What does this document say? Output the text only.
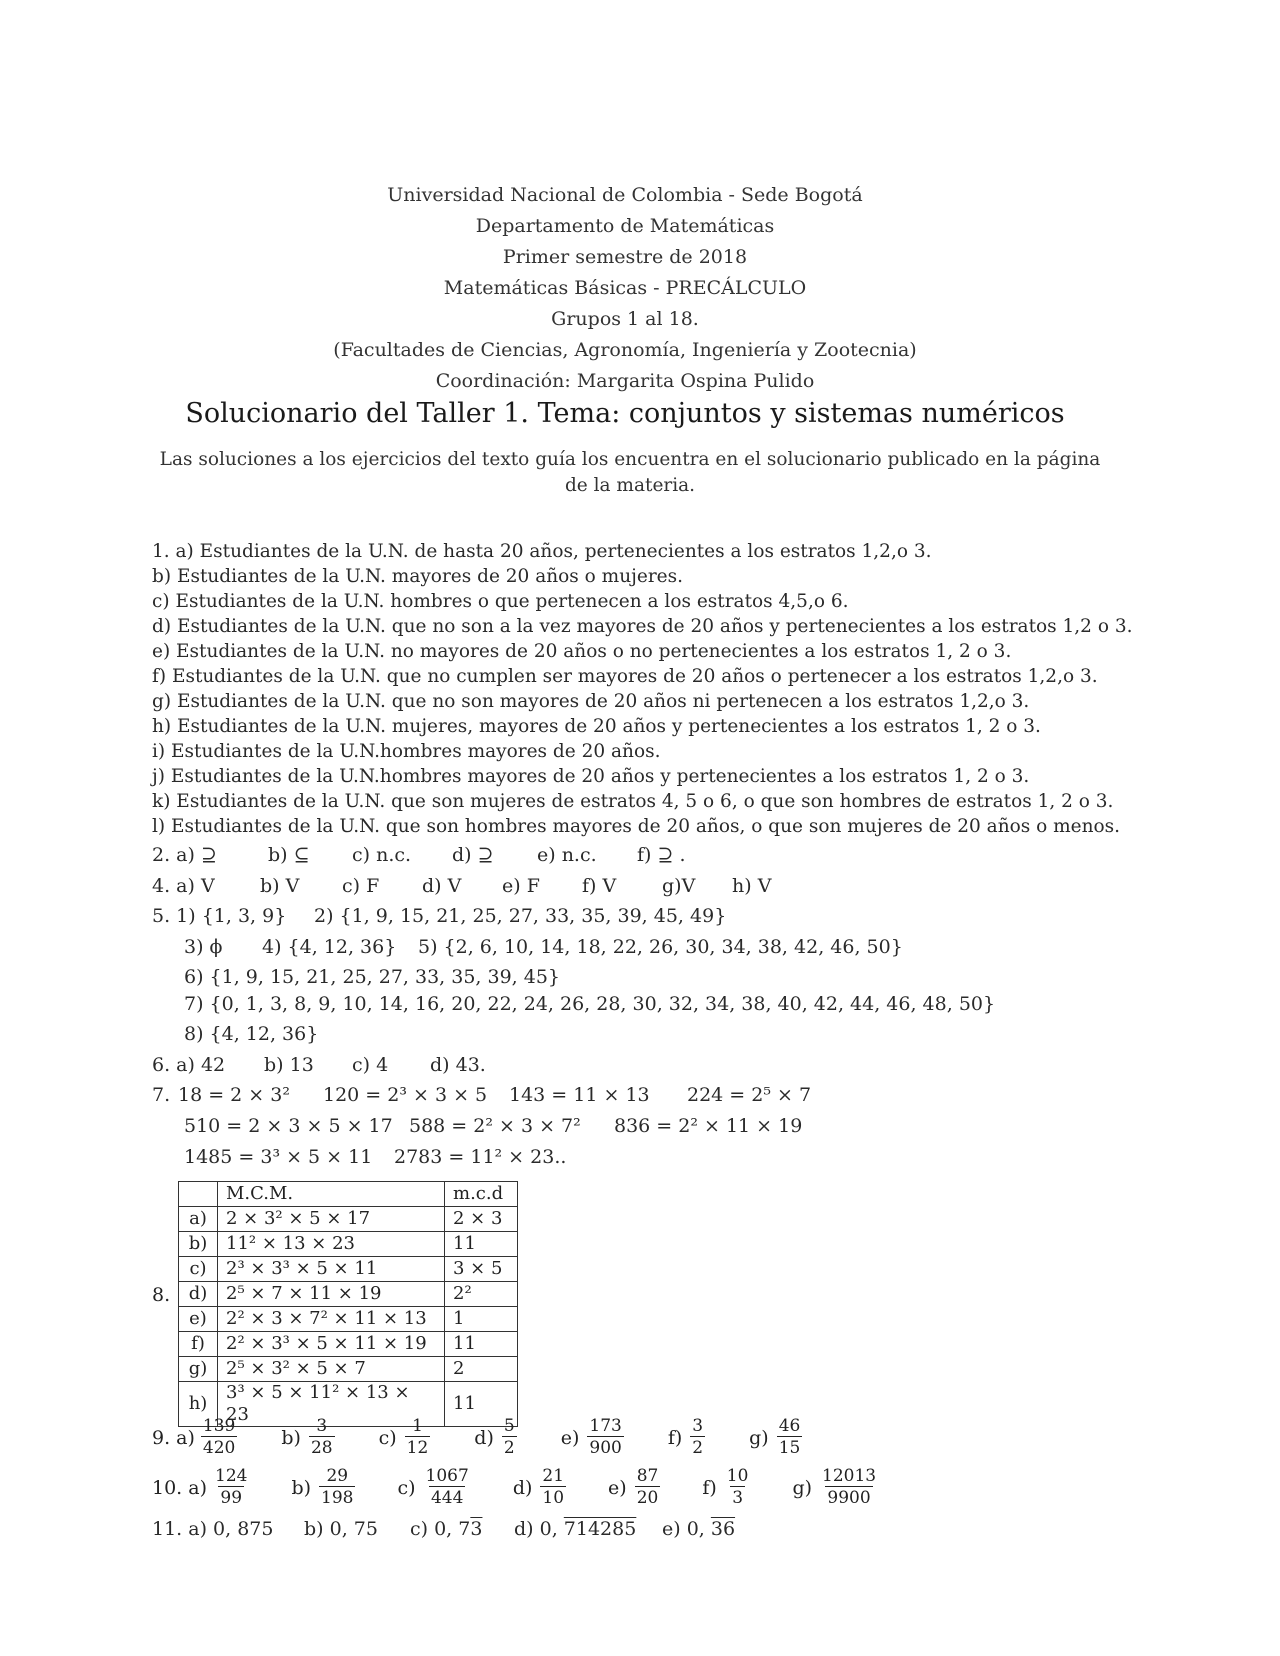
Universidad Nacional de Colombia - Sede Bogotá
Departamento de Matemáticas
Primer semestre de 2018
Matemáticas Básicas - PRECÁLCULO
Grupos 1 al 18.
(Facultades de Ciencias, Agronomía, Ingeniería y Zootecnia)
Coordinación: Margarita Ospina Pulido
Solucionario del Taller 1. Tema: conjuntos y sistemas numéricos
Las soluciones a los ejercicios del texto guía los encuentra en el solucionario publicado en la página de la materia.
1. a) Estudiantes de la U.N. de hasta 20 años, pertenecientes a los estratos 1,2,o 3.
b) Estudiantes de la U.N. mayores de 20 años o mujeres.
c) Estudiantes de la U.N. hombres o que pertenecen a los estratos 4,5,o 6.
d) Estudiantes de la U.N. que no son a la vez mayores de 20 años y pertenecientes a los estratos 1,2 o 3.
e) Estudiantes de la U.N. no mayores de 20 años o no pertenecientes a los estratos 1, 2 o 3.
f) Estudiantes de la U.N. que no cumplen ser mayores de 20 años o pertenecer a los estratos 1,2,o 3.
g) Estudiantes de la U.N. que no son mayores de 20 años ni pertenecen a los estratos 1,2,o 3.
h) Estudiantes de la U.N. mujeres, mayores de 20 años y pertenecientes a los estratos 1, 2 o 3.
i) Estudiantes de la U.N.hombres mayores de 20 años.
j) Estudiantes de la U.N.hombres mayores de 20 años y pertenecientes a los estratos 1, 2 o 3.
k) Estudiantes de la U.N. que son mujeres de estratos 4, 5 o 6, o que son hombres de estratos 1, 2 o 3.
l) Estudiantes de la U.N. que son hombres mayores de 20 años, o que son mujeres de 20 años o menos.
2. a) ⊇	b) ⊆ c) n.c. d) ⊇ e) n.c. f) ⊇ .
4. a) V b) V c) F d) V e) F f) V g)V h) V
5. 1) {1, 3, 9} 2) {1, 9, 15, 21, 25, 27, 33, 35, 39, 45, 49}
3) ϕ 4) {4, 12, 36} 5) {2, 6, 10, 14, 18, 22, 26, 30, 34, 38, 42, 46, 50}
6) {1, 9, 15, 21, 25, 27, 33, 35, 39, 45}
7) {0, 1, 3, 8, 9, 10, 14, 16, 20, 22, 24, 26, 28, 30, 32, 34, 38, 40, 42, 44, 46, 48, 50}
8) {4, 12, 36}
6. a) 42 b) 13 c) 4 d) 43.
7. 18 = 2 × 3² 120 = 2³ × 3 × 5 143 = 11 × 13 224 = 2⁵ × 7
510 = 2 × 3 × 5 × 17 588 = 2² × 3 × 7² 836 = 2² × 11 × 19
1485 = 3³ × 5 × 11 2783 = 11² × 23..
8.
	M.C.M.	m.c.d
a)	2 × 3² × 5 × 17	2 × 3
b)	11² × 13 × 23	11
c)	2³ × 3³ × 5 × 11	3 × 5
d)	2⁵ × 7 × 11 × 19	2²
e)	2² × 3 × 7² × 11 × 13	1
f)	2² × 3³ × 5 × 11 × 19	11
g)	2⁵ × 3² × 5 × 7	2
h)	3³ × 5 × 11² × 13 × 23	11
9. $a) \frac{139}{420} b) \frac{3}{28} c) \frac{1}{12} d) \frac{5}{2} e) \frac{173}{900} f) \frac{3}{2} g) \frac{46}{15}$
10. $a) \frac{124}{99} b) \frac{29}{198} c) \frac{1067}{444} d) \frac{21}{10} e) \frac{87}{20} f) \frac{10}{3} g) \frac{12013}{9900}$
11. a) 0, 875 b) 0, 75 c) 0, 73 d) 0, 714285 e) 0, 36
